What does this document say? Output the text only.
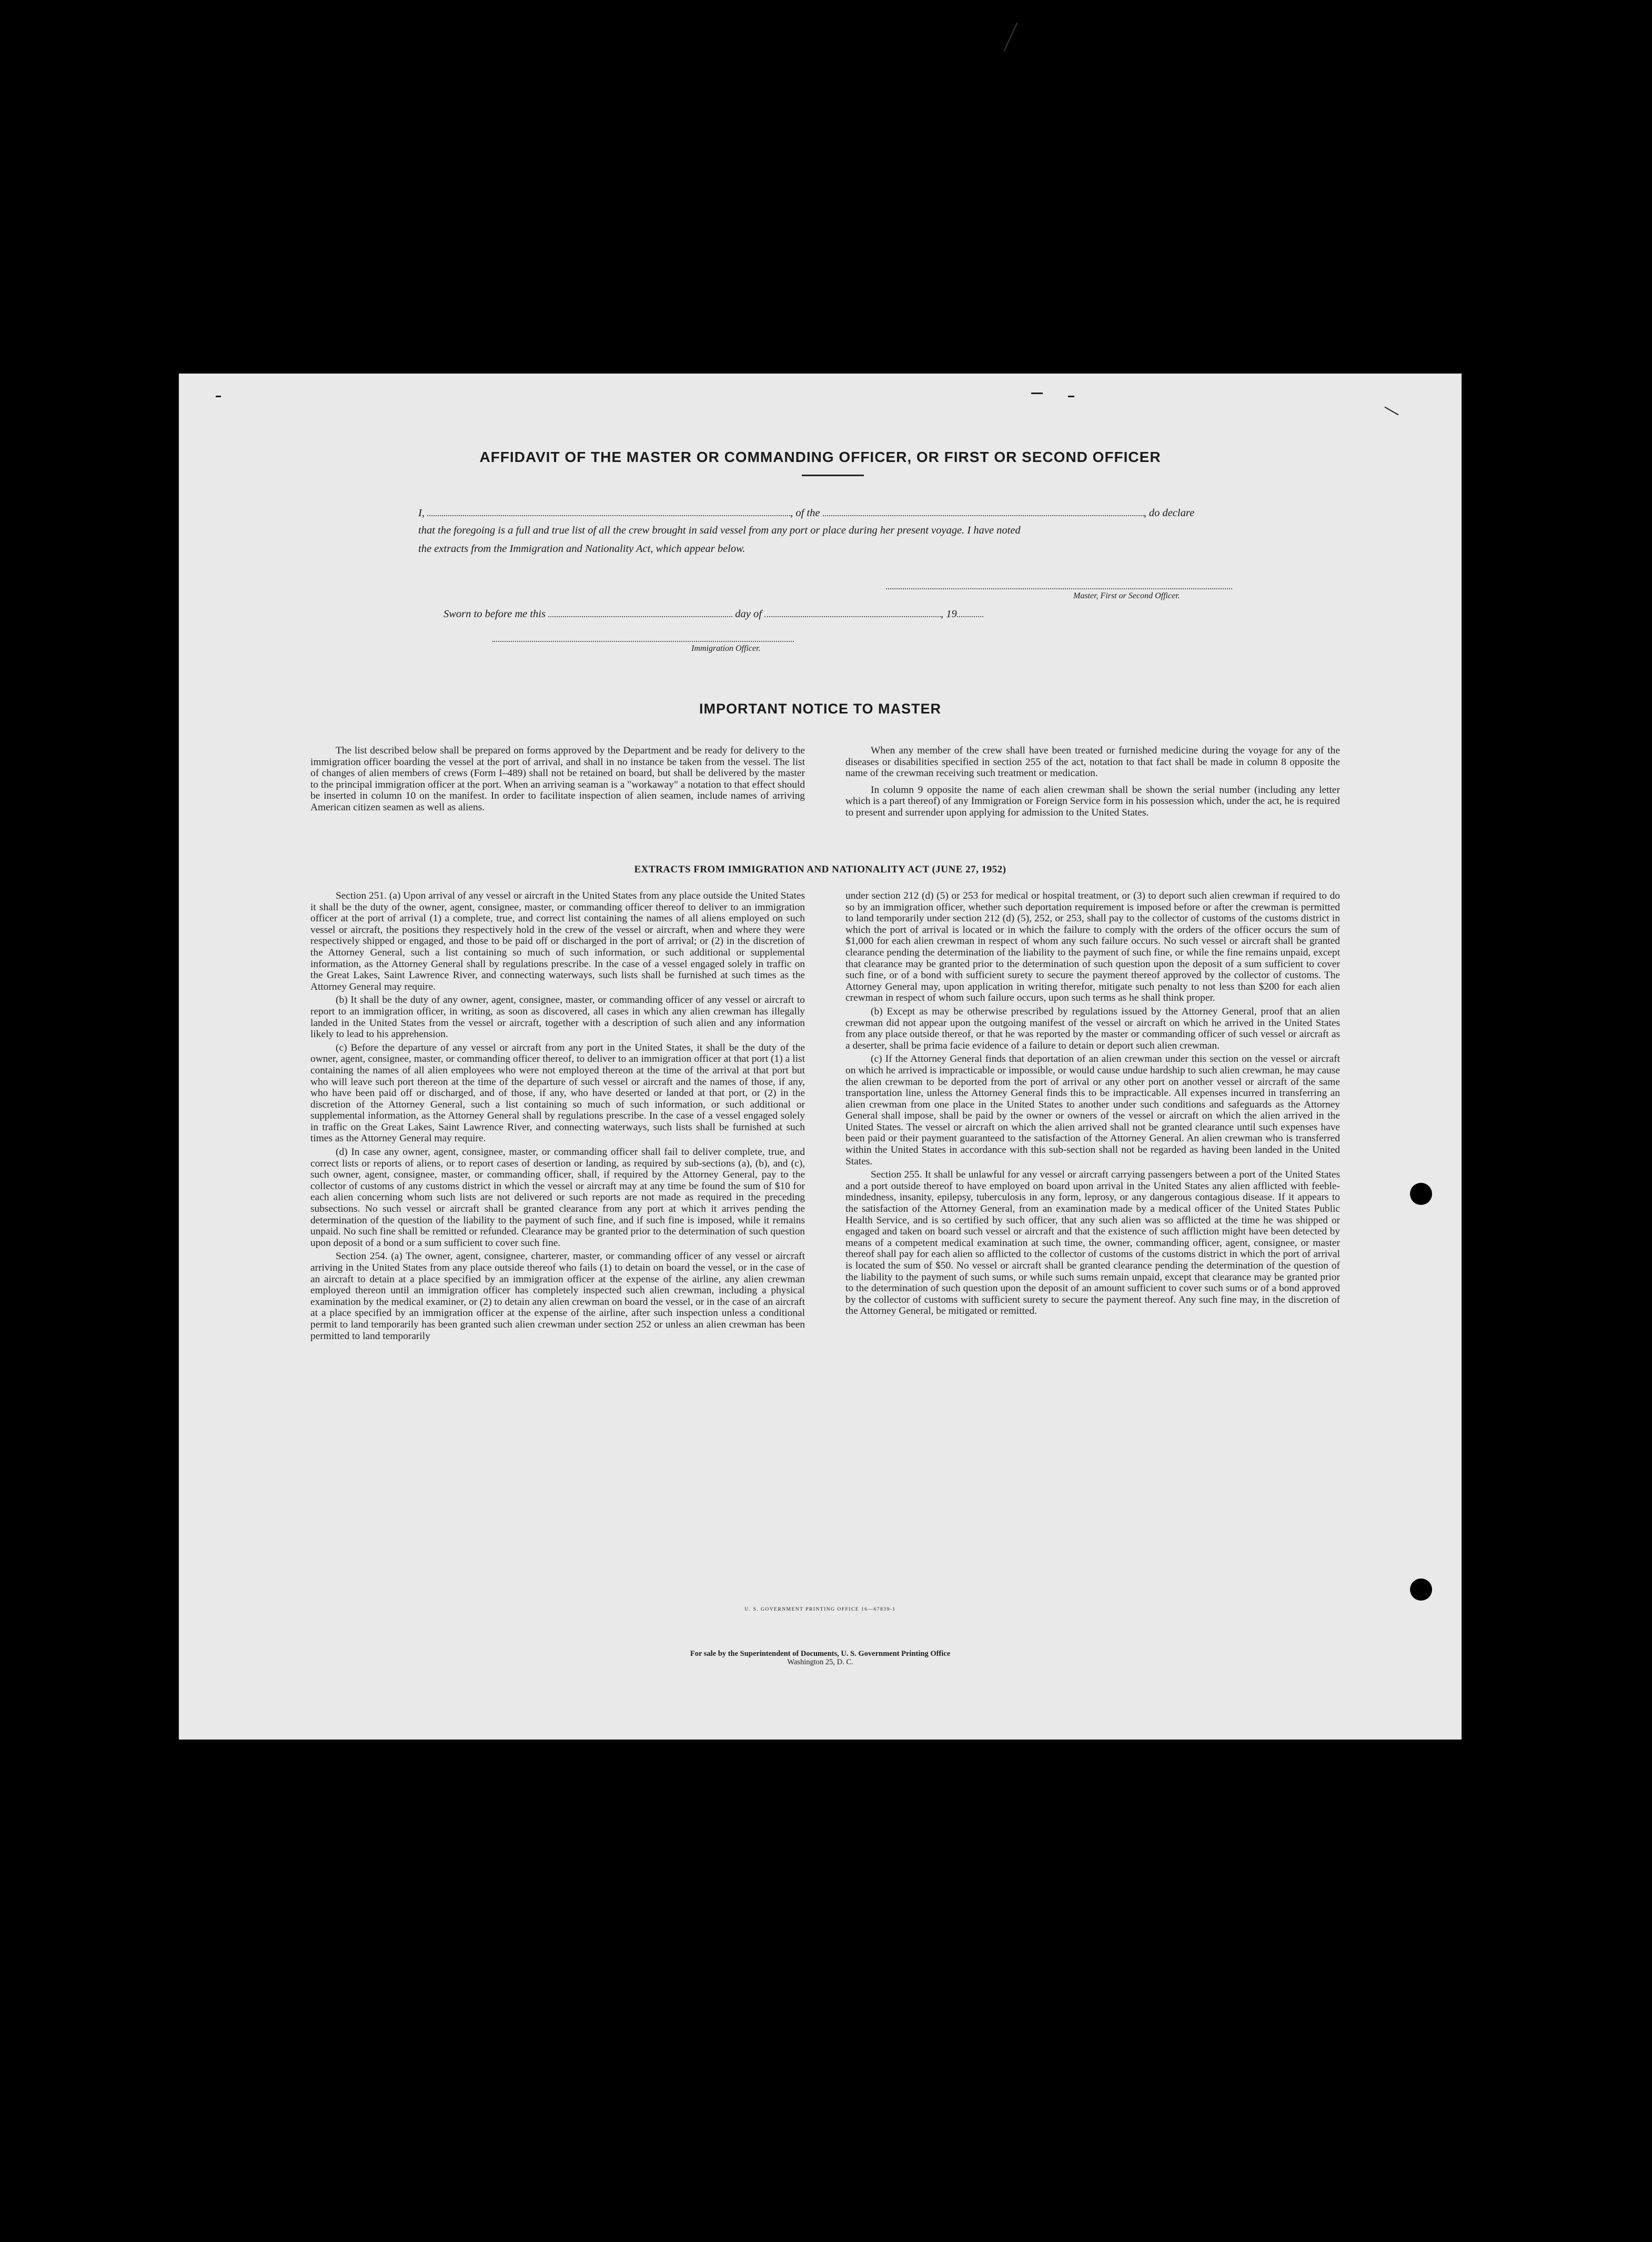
AFFIDAVIT OF THE MASTER OR COMMANDING OFFICER, OR FIRST OR SECOND OFFICER
I,	, of the	, do declare
that the foregoing is a full and true list of all the crew brought in said vessel from any port or place during her present voyage. I have noted
the extracts from the Immigration and Nationality Act, which appear below.
Master, First or Second Officer.
Sworn to before me this	day of	, 19
Immigration Officer.
IMPORTANT NOTICE TO MASTER

The list described below shall be prepared on forms approved by the Department and be ready for delivery to the immigration officer boarding the vessel at the port of arrival, and shall in no instance be taken from the vessel. The list of changes of alien members of crews (Form I–489) shall not be retained on board, but shall be delivered by the master to the principal immigration officer at the port. When an arriving seaman is a "workaway" a notation to that effect should be inserted in column 10 on the manifest. In order to facilitate inspection of alien seamen, include names of arriving American citizen seamen as well as aliens.

When any member of the crew shall have been treated or furnished medicine during the voyage for any of the diseases or disabilities specified in section 255 of the act, notation to that fact shall be made in column 8 opposite the name of the crewman receiving such treatment or medication.

In column 9 opposite the name of each alien crewman shall be shown the serial number (including any letter which is a part thereof) of any Immigration or Foreign Service form in his possession which, under the act, he is required to present and surrender upon applying for admission to the United States.

EXTRACTS FROM IMMIGRATION AND NATIONALITY ACT (JUNE 27, 1952)

Section 251. (a) Upon arrival of any vessel or aircraft in the United States from any place outside the United States it shall be the duty of the owner, agent, consignee, master, or commanding officer thereof to deliver to an immigration officer at the port of arrival (1) a complete, true, and correct list containing the names of all aliens employed on such vessel or aircraft, the positions they respectively hold in the crew of the vessel or aircraft, when and where they were respectively shipped or engaged, and those to be paid off or discharged in the port of arrival; or (2) in the discretion of the Attorney General, such a list containing so much of such information, or such additional or supplemental information, as the Attorney General shall by regulations prescribe. In the case of a vessel engaged solely in traffic on the Great Lakes, Saint Lawrence River, and connecting waterways, such lists shall be furnished at such times as the Attorney General may require.

(b) It shall be the duty of any owner, agent, consignee, master, or commanding officer of any vessel or aircraft to report to an immigration officer, in writing, as soon as discovered, all cases in which any alien crewman has illegally landed in the United States from the vessel or aircraft, together with a description of such alien and any information likely to lead to his apprehension.

(c) Before the departure of any vessel or aircraft from any port in the United States, it shall be the duty of the owner, agent, consignee, master, or commanding officer thereof, to deliver to an immigration officer at that port (1) a list containing the names of all alien employees who were not employed thereon at the time of the arrival at that port but who will leave such port thereon at the time of the departure of such vessel or aircraft and the names of those, if any, who have been paid off or discharged, and of those, if any, who have deserted or landed at that port, or (2) in the discretion of the Attorney General, such a list containing so much of such information, or such additional or supplemental information, as the Attorney General shall by regulations prescribe. In the case of a vessel engaged solely in traffic on the Great Lakes, Saint Lawrence River, and connecting waterways, such lists shall be furnished at such times as the Attorney General may require.

(d) In case any owner, agent, consignee, master, or commanding officer shall fail to deliver complete, true, and correct lists or reports of aliens, or to report cases of desertion or landing, as required by sub-sections (a), (b), and (c), such owner, agent, consignee, master, or commanding officer, shall, if required by the Attorney General, pay to the collector of customs of any customs district in which the vessel or aircraft may at any time be found the sum of $10 for each alien concerning whom such lists are not delivered or such reports are not made as required in the preceding subsections. No such vessel or aircraft shall be granted clearance from any port at which it arrives pending the determination of the question of the liability to the payment of such fine, and if such fine is imposed, while it remains unpaid. No such fine shall be remitted or refunded. Clearance may be granted prior to the determination of such question upon deposit of a bond or a sum sufficient to cover such fine.

Section 254. (a) The owner, agent, consignee, charterer, master, or commanding officer of any vessel or aircraft arriving in the United States from any place outside thereof who fails (1) to detain on board the vessel, or in the case of an aircraft to detain at a place specified by an immigration officer at the expense of the airline, any alien crewman employed thereon until an immigration officer has completely inspected such alien crewman, including a physical examination by the medical examiner, or (2) to detain any alien crewman on board the vessel, or in the case of an aircraft at a place specified by an immigration officer at the expense of the airline, after such inspection unless a conditional permit to land temporarily has been granted such alien crewman under section 252 or unless an alien crewman has been permitted to land temporarily

under section 212 (d) (5) or 253 for medical or hospital treatment, or (3) to deport such alien crewman if required to do so by an immigration officer, whether such deportation requirement is imposed before or after the crewman is permitted to land temporarily under section 212 (d) (5), 252, or 253, shall pay to the collector of customs of the customs district in which the port of arrival is located or in which the failure to comply with the orders of the officer occurs the sum of $1,000 for each alien crewman in respect of whom any such failure occurs. No such vessel or aircraft shall be granted clearance pending the determination of the liability to the payment of such fine, or while the fine remains unpaid, except that clearance may be granted prior to the determination of such question upon the deposit of a sum sufficient to cover such fine, or of a bond with sufficient surety to secure the payment thereof approved by the collector of customs. The Attorney General may, upon application in writing therefor, mitigate such penalty to not less than $200 for each alien crewman in respect of whom such failure occurs, upon such terms as he shall think proper.

(b) Except as may be otherwise prescribed by regulations issued by the Attorney General, proof that an alien crewman did not appear upon the outgoing manifest of the vessel or aircraft on which he arrived in the United States from any place outside thereof, or that he was reported by the master or commanding officer of such vessel or aircraft as a deserter, shall be prima facie evidence of a failure to detain or deport such alien crewman.

(c) If the Attorney General finds that deportation of an alien crewman under this section on the vessel or aircraft on which he arrived is impracticable or impossible, or would cause undue hardship to such alien crewman, he may cause the alien crewman to be deported from the port of arrival or any other port on another vessel or aircraft of the same transportation line, unless the Attorney General finds this to be impracticable. All expenses incurred in transferring an alien crewman from one place in the United States to another under such conditions and safeguards as the Attorney General shall impose, shall be paid by the owner or owners of the vessel or aircraft on which the alien arrived in the United States. The vessel or aircraft on which the alien arrived shall not be granted clearance until such expenses have been paid or their payment guaranteed to the satisfaction of the Attorney General. An alien crewman who is transferred within the United States in accordance with this sub-section shall not be regarded as having been landed in the United States.

Section 255. It shall be unlawful for any vessel or aircraft carrying passengers between a port of the United States and a port outside thereof to have employed on board upon arrival in the United States any alien afflicted with feeble-mindedness, insanity, epilepsy, tuberculosis in any form, leprosy, or any dangerous contagious disease. If it appears to the satisfaction of the Attorney General, from an examination made by a medical officer of the United States Public Health Service, and is so certified by such officer, that any such alien was so afflicted at the time he was shipped or engaged and taken on board such vessel or aircraft and that the existence of such affliction might have been detected by means of a competent medical examination at such time, the owner, commanding officer, agent, consignee, or master thereof shall pay for each alien so afflicted to the collector of customs of the customs district in which the port of arrival is located the sum of $50. No vessel or aircraft shall be granted clearance pending the determination of the question of the liability to the payment of such sums, or while such sums remain unpaid, except that clearance may be granted prior to the determination of such question upon the deposit of an amount sufficient to cover such sums or of a bond approved by the collector of customs with sufficient surety to secure the payment thereof. Any such fine may, in the discretion of the Attorney General, be mitigated or remitted.

U. S. GOVERNMENT PRINTING OFFICE 16—67839-1
For sale by the Superintendent of Documents, U. S. Government Printing Office
Washington 25, D. C.
